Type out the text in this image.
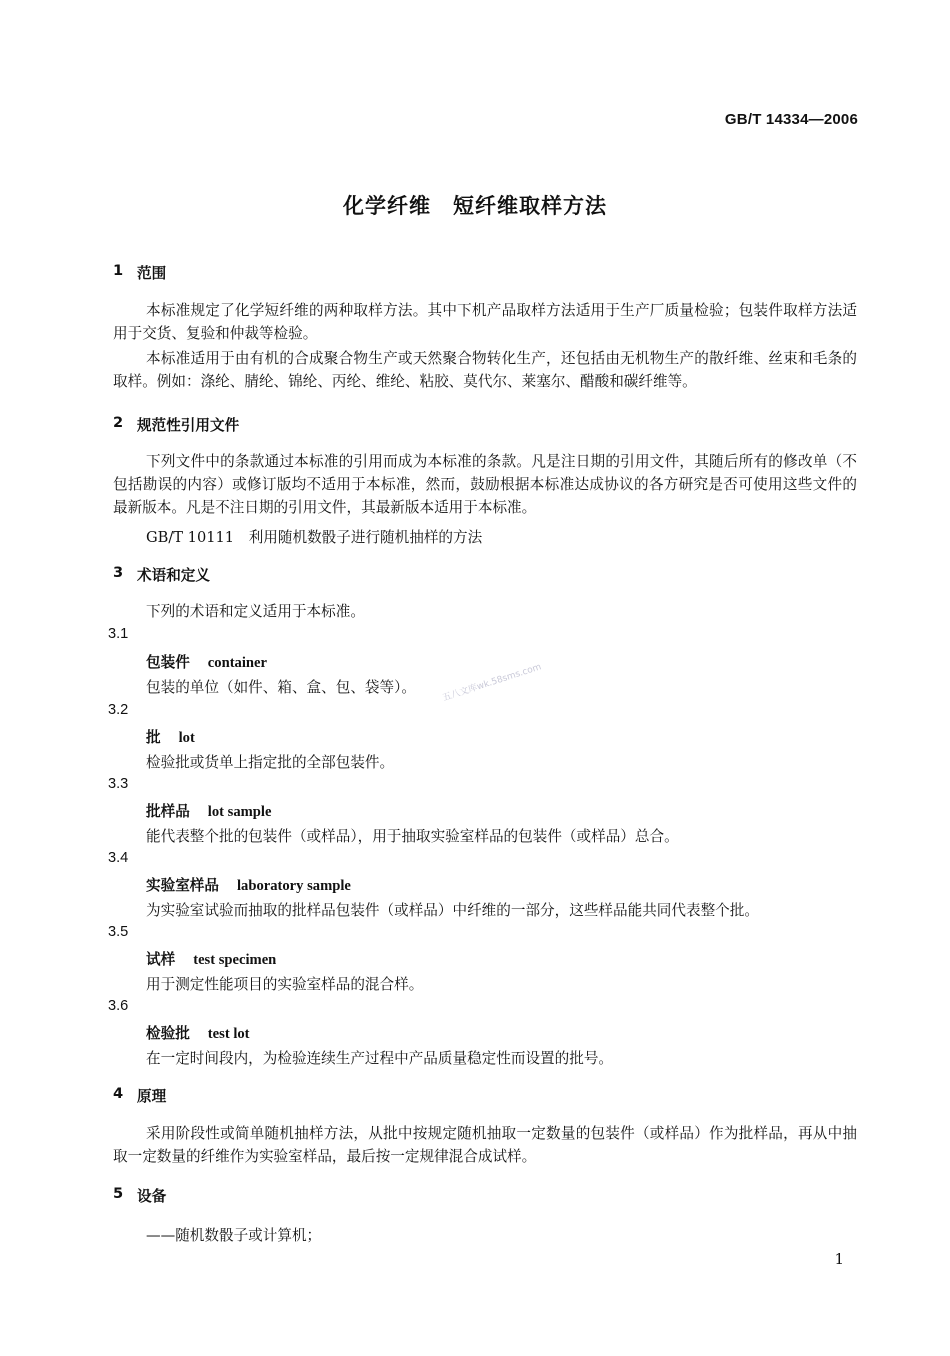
GB/T 14334—2006
化学纤维　短纤维取样方法
1 范围
本标准规定了化学短纤维的两种取样方法。其中下机产品取样方法适用于生产厂质量检验；包装件取样方法适用于交货、复验和仲裁等检验。
本标准适用于由有机的合成聚合物生产或天然聚合物转化生产，还包括由无机物生产的散纤维、丝束和毛条的取样。例如：涤纶、腈纶、锦纶、丙纶、维纶、粘胶、莫代尔、莱塞尔、醋酸和碳纤维等。
2 规范性引用文件
下列文件中的条款通过本标准的引用而成为本标准的条款。凡是注日期的引用文件，其随后所有的修改单（不包括勘误的内容）或修订版均不适用于本标准，然而，鼓励根据本标准达成协议的各方研究是否可使用这些文件的最新版本。凡是不注日期的引用文件，其最新版本适用于本标准。
GB/T 10111　利用随机数骰子进行随机抽样的方法
3 术语和定义
下列的术语和定义适用于本标准。
3.1
包装件 container
包装的单位（如件、箱、盒、包、袋等）。
3.2
批 lot
检验批或货单上指定批的全部包装件。
3.3
批样品 lot sample
能代表整个批的包装件（或样品），用于抽取实验室样品的包装件（或样品）总合。
3.4
实验室样品 laboratory sample
为实验室试验而抽取的批样品包装件（或样品）中纤维的一部分，这些样品能共同代表整个批。
3.5
试样 test specimen
用于测定性能项目的实验室样品的混合样。
3.6
检验批 test lot
在一定时间段内，为检验连续生产过程中产品质量稳定性而设置的批号。
4 原理
采用阶段性或简单随机抽样方法，从批中按规定随机抽取一定数量的包装件（或样品）作为批样品，再从中抽取一定数量的纤维作为实验室样品，最后按一定规律混合成试样。
5 设备
——随机数骰子或计算机；
1
五八文库wk.58sms.com
